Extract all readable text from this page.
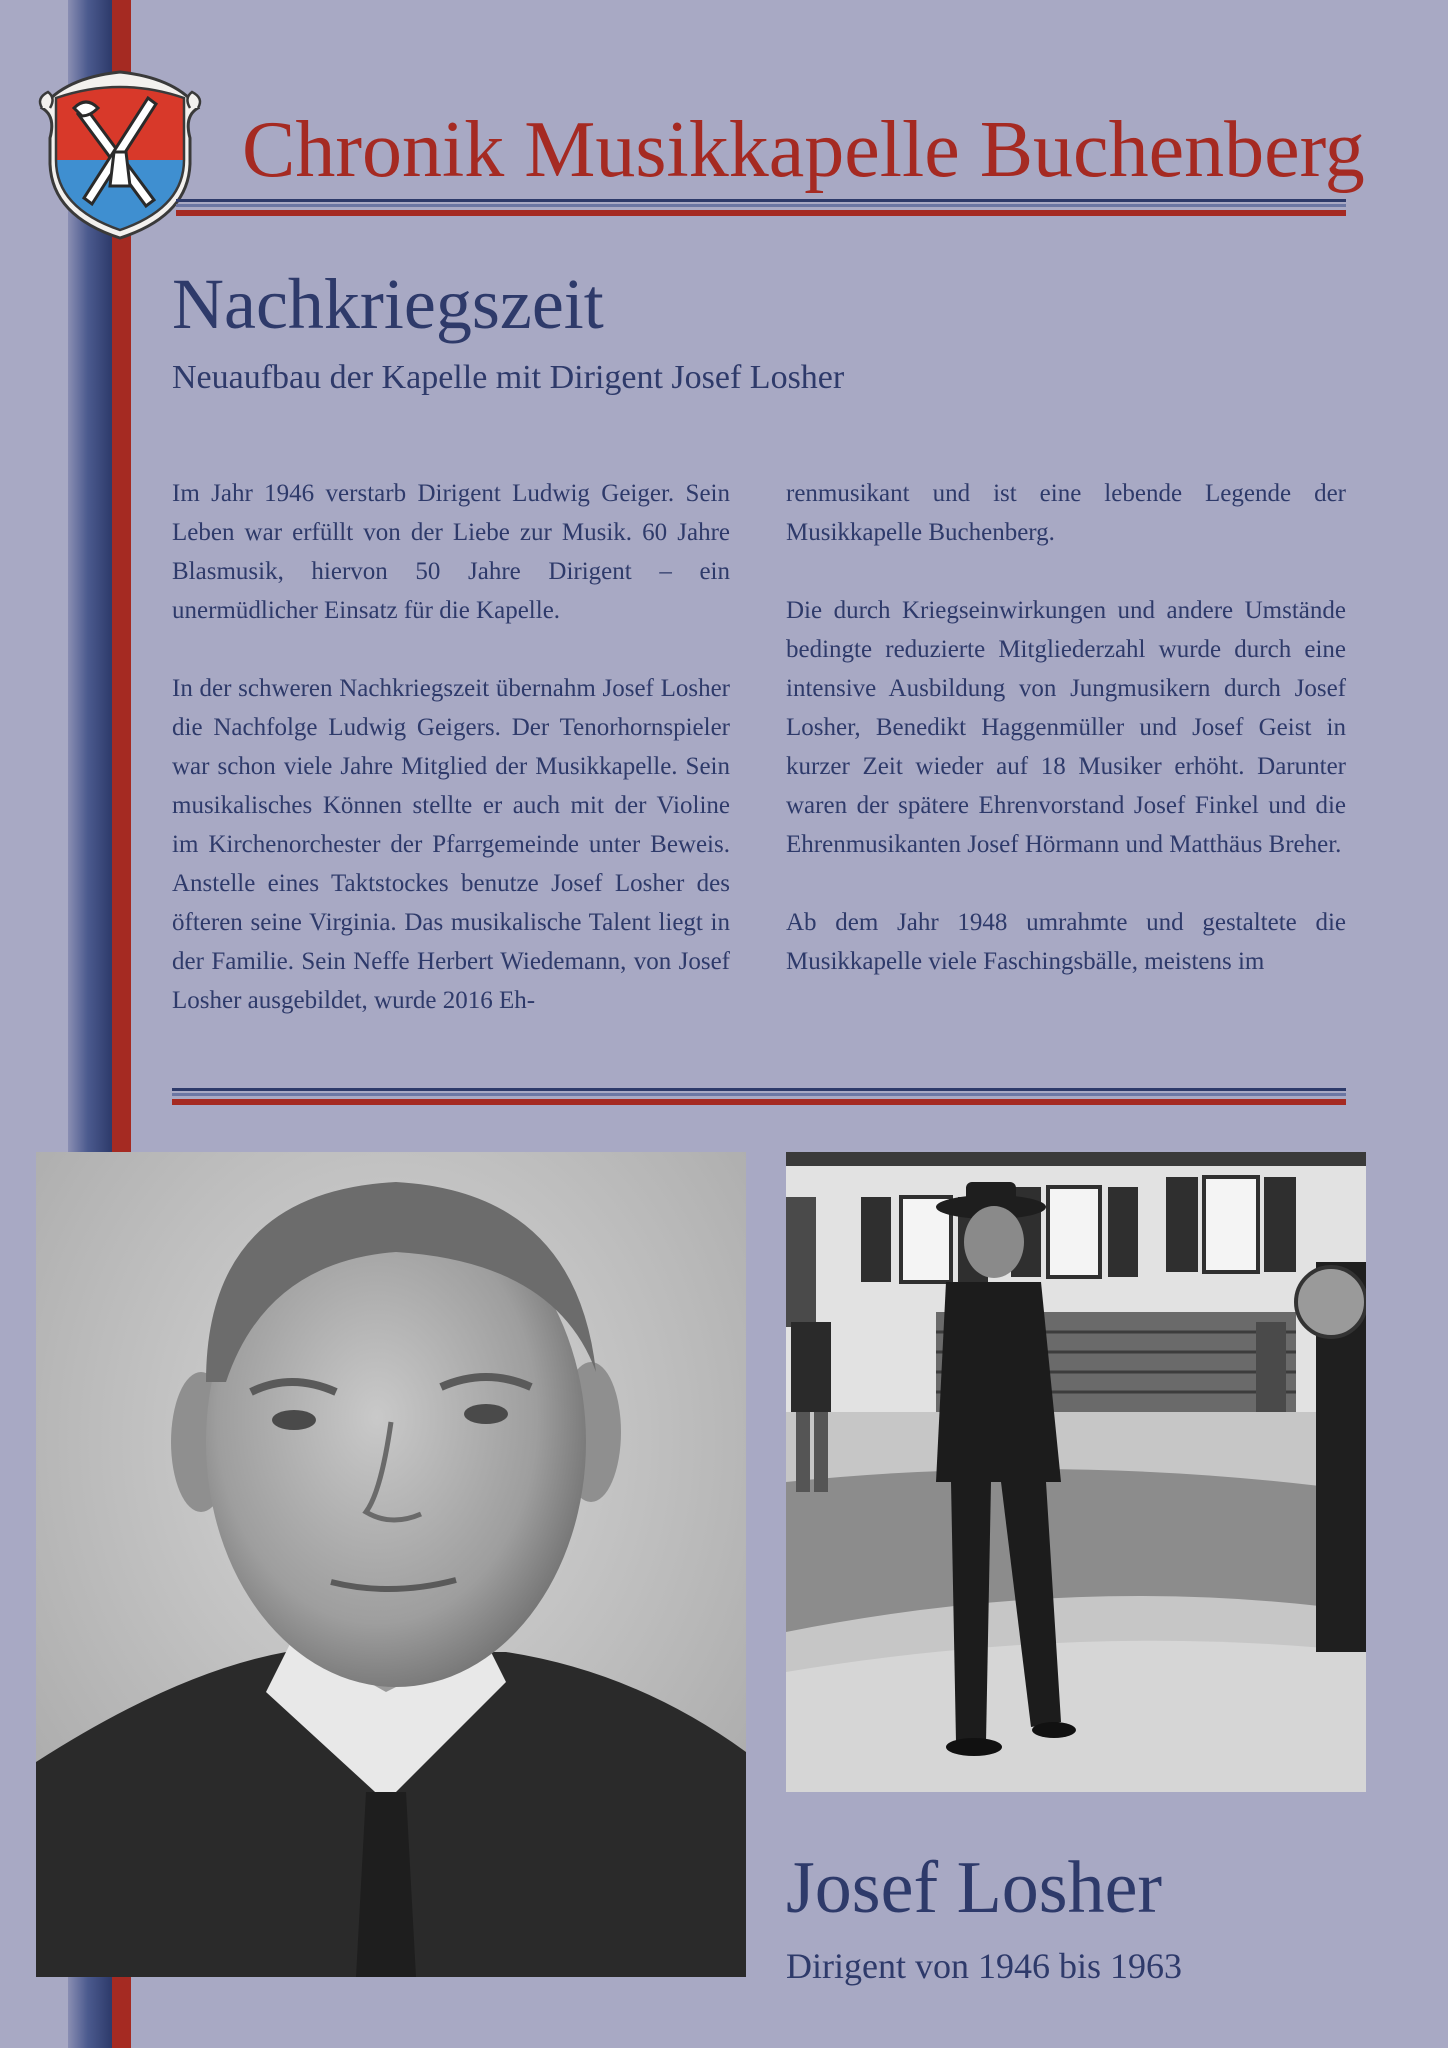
Chronik Musikkapelle Buchenberg
Nachkriegszeit

Neuaufbau der Kapelle mit Dirigent Josef Losher

Im Jahr 1946 verstarb Dirigent Ludwig Geiger. Sein Leben war erfüllt von der Liebe zur Musik. 60 Jahre Blasmusik, hiervon 50 Jahre Dirigent – ein unermüdlicher Einsatz für die Kapelle.

In der schweren Nachkriegszeit übernahm Josef Losher die Nachfolge Ludwig Geigers. Der Tenorhornspieler war schon viele Jahre Mitglied der Musikkapelle. Sein musikalisches Können stellte er auch mit der Violine im Kirchenorchester der Pfarrgemeinde unter Beweis. Anstelle eines Taktstockes benutze Josef Losher des öfteren seine Virginia. Das musikalische Talent liegt in der Familie. Sein Neffe Herbert Wiedemann, von Josef Losher ausgebildet, wurde 2016 Eh-

renmusikant und ist eine lebende Legende der Musikkapelle Buchenberg.

Die durch Kriegseinwirkungen und andere Umstände bedingte reduzierte Mitgliederzahl wurde durch eine intensive Ausbildung von Jungmusikern durch Josef Losher, Benedikt Haggenmüller und Josef Geist in kurzer Zeit wieder auf 18 Musiker erhöht. Darunter waren der spätere Ehrenvorstand Josef Finkel und die Ehrenmusikanten Josef Hörmann und Matthäus Breher.

Ab dem Jahr 1948 umrahmte und gestaltete die Musikkapelle viele Faschingsbälle, meistens im

Josef Losher

Dirigent von 1946 bis 1963
